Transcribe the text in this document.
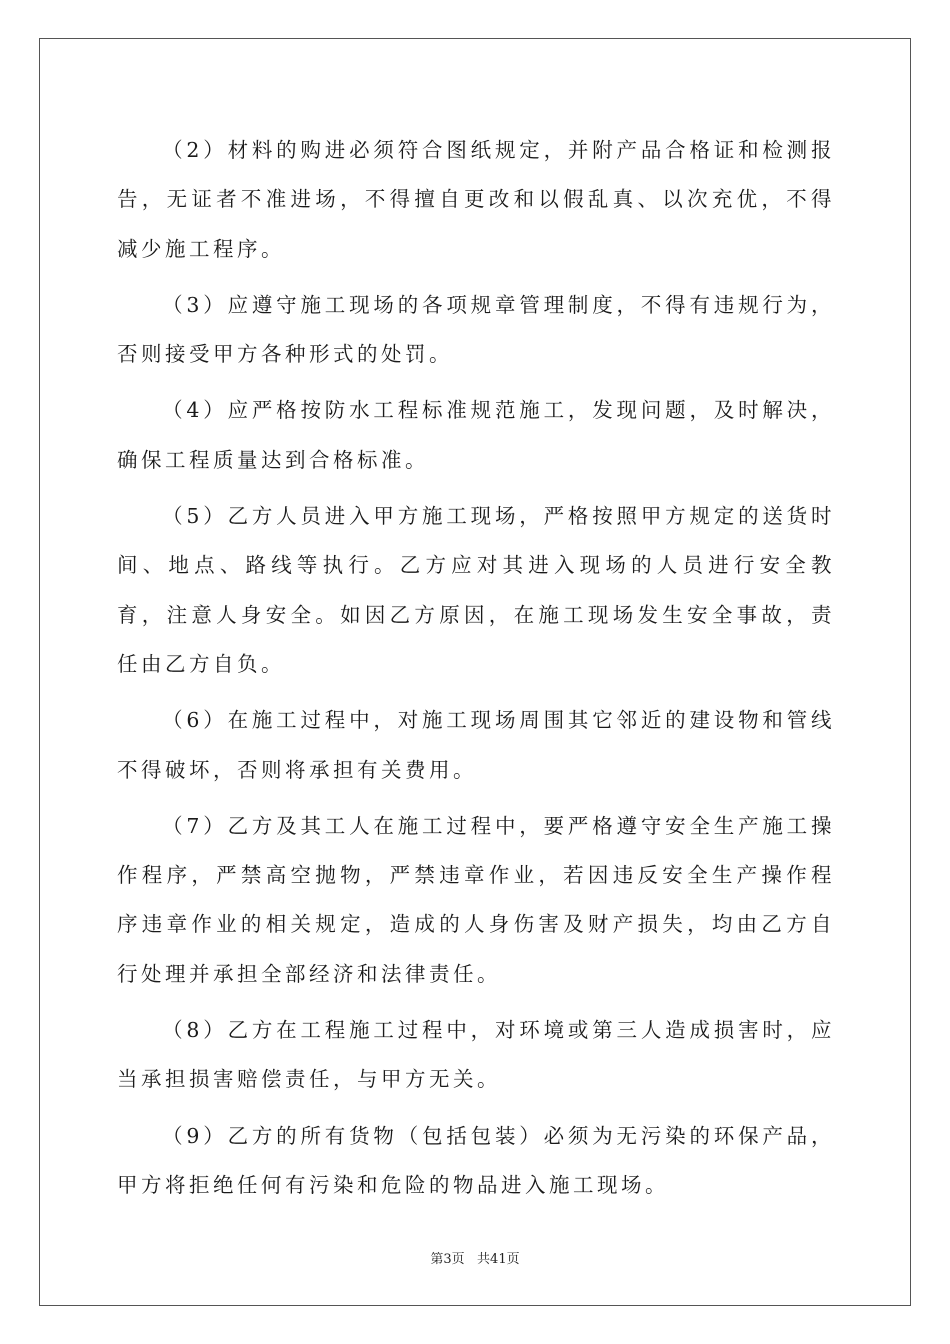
（2）材料的购进必须符合图纸规定，并附产品合格证和检测报告，无证者不准进场，不得擅自更改和以假乱真、以次充优，不得减少施工程序。

（3）应遵守施工现场的各项规章管理制度，不得有违规行为，否则接受甲方各种形式的处罚。

（4）应严格按防水工程标准规范施工，发现问题，及时解决，确保工程质量达到合格标准。

（5）乙方人员进入甲方施工现场，严格按照甲方规定的送货时间、地点、路线等执行。乙方应对其进入现场的人员进行安全教育，注意人身安全。如因乙方原因，在施工现场发生安全事故，责任由乙方自负。

（6）在施工过程中，对施工现场周围其它邻近的建设物和管线不得破坏，否则将承担有关费用。

（7）乙方及其工人在施工过程中，要严格遵守安全生产施工操作程序，严禁高空抛物，严禁违章作业，若因违反安全生产操作程序违章作业的相关规定，造成的人身伤害及财产损失，均由乙方自行处理并承担全部经济和法律责任。

（8）乙方在工程施工过程中，对环境或第三人造成损害时，应当承担损害赔偿责任，与甲方无关。

（9）乙方的所有货物（包括包装）必须为无污染的环保产品，甲方将拒绝任何有污染和危险的物品进入施工现场。

第3页   共41页
